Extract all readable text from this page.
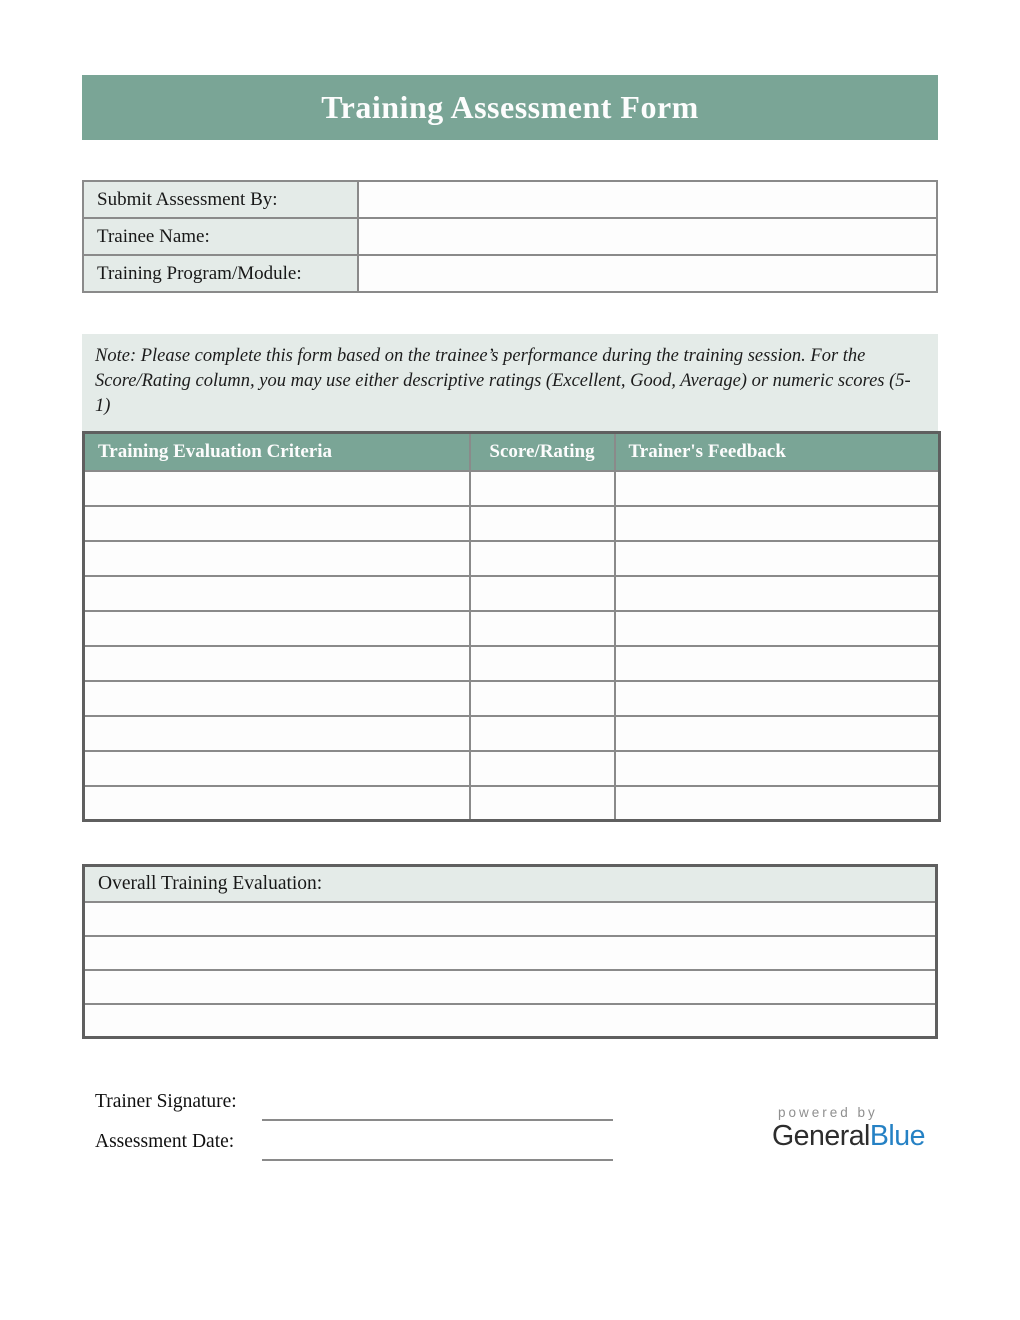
Training Assessment Form
Submit Assessment By:	
Trainee Name:	
Training Program/Module:	
Note: Please complete this form based on the trainee’s performance during the training session. For the Score/Rating column, you may use either descriptive ratings (Excellent, Good, Average) or numeric scores (5-1)
Training Evaluation Criteria	Score/Rating	Trainer's Feedback

Overall Training Evaluation:

Trainer Signature:
Assessment Date:
powered by
GeneralBlue
